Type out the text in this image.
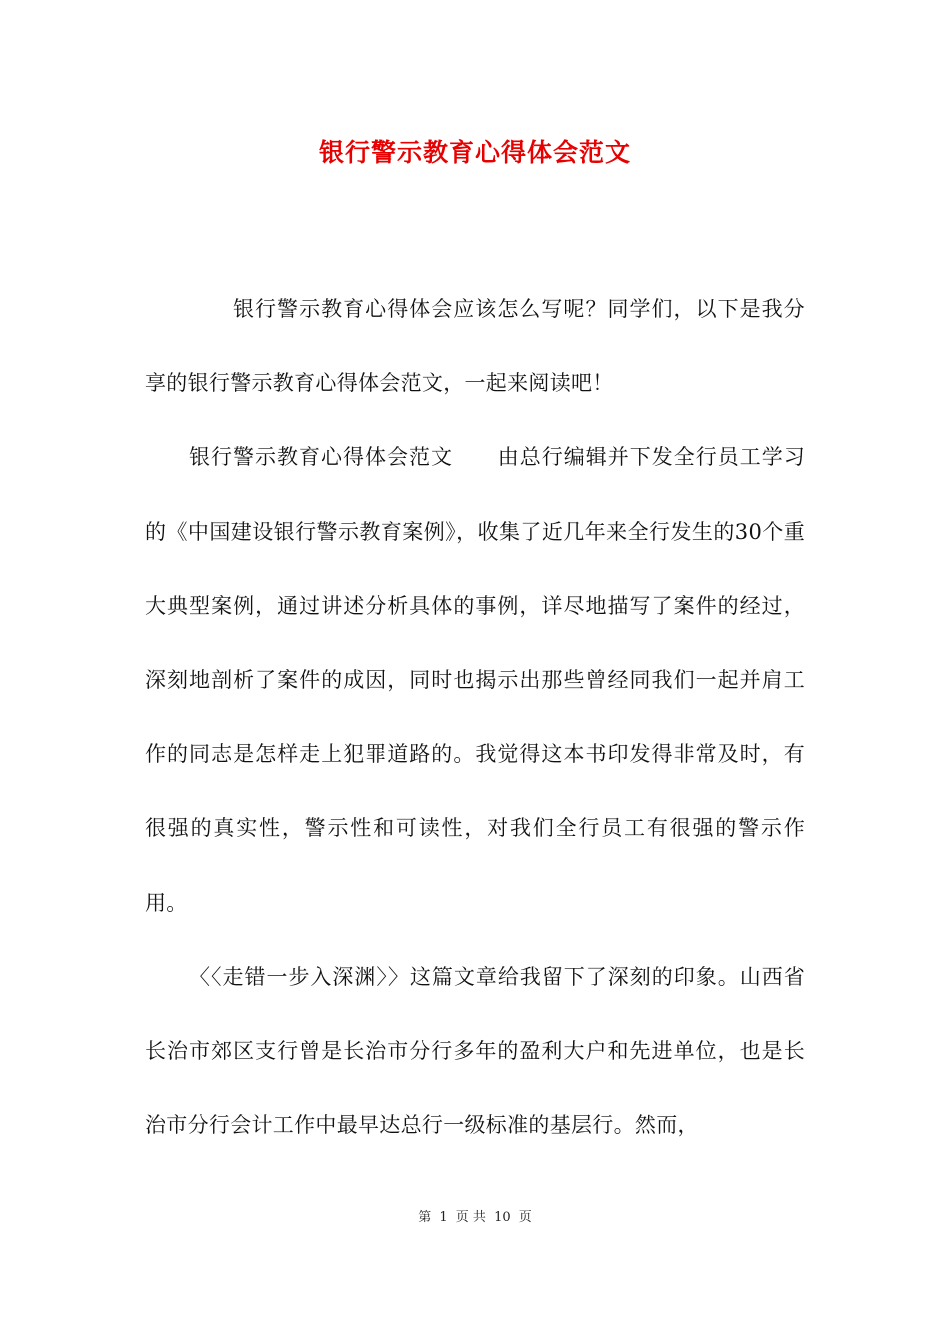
银行警示教育心得体会范文

银行警示教育心得体会应该怎么写呢？同学们，以下是我分享的银行警示教育心得体会范文，一起来阅读吧！

银行警示教育心得体会范文 由总行编辑并下发全行员工学习的《中国建设银行警示教育案例》，收集了近几年来全行发生的30个重大典型案例，通过讲述分析具体的事例，详尽地描写了案件的经过，深刻地剖析了案件的成因，同时也揭示出那些曾经同我们一起并肩工作的同志是怎样走上犯罪道路的。我觉得这本书印发得非常及时，有很强的真实性，警示性和可读性，对我们全行员工有很强的警示作用。

〈〈走错一步入深渊〉〉这篇文章给我留下了深刻的印象。山西省长治市郊区支行曾是长治市分行多年的盈利大户和先进单位，也是长治市分行会计工作中最早达总行一级标准的基层行。然而，

第 1 页 共 10 页
